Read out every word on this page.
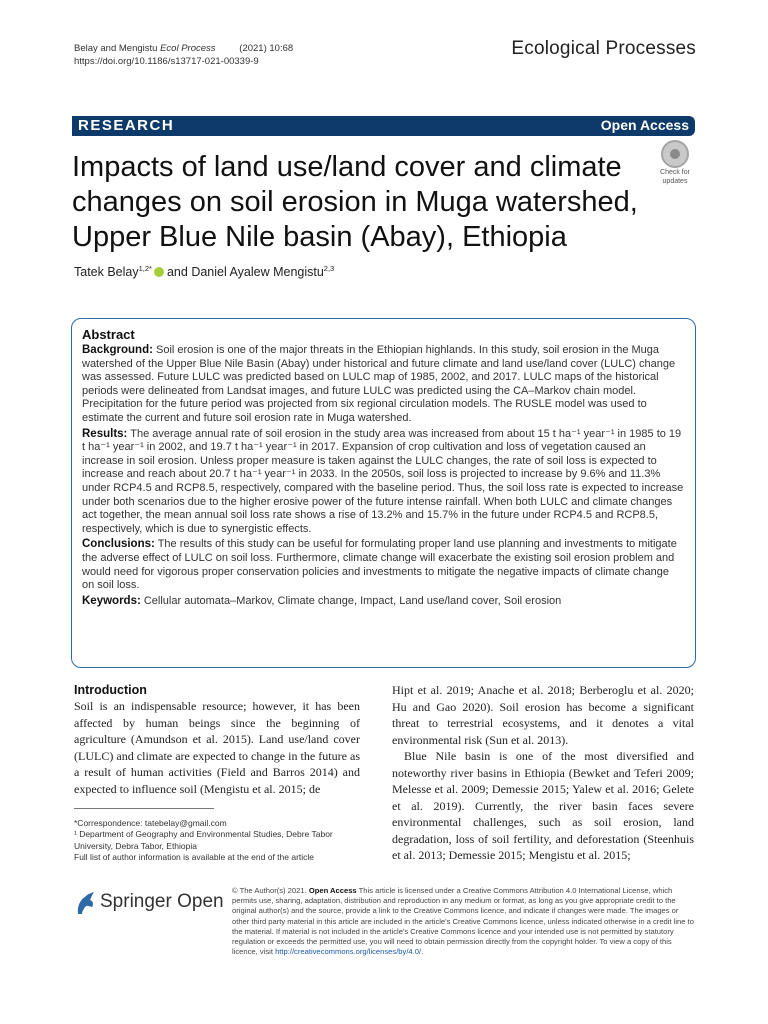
Belay and Mengistu Ecol Process	(2021) 10:68
https://doi.org/10.1186/s13717-021-00339-9
Ecological Processes
RESEARCH	Open Access
Impacts of land use/land cover and climate changes on soil erosion in Muga watershed, Upper Blue Nile basin (Abay), Ethiopia
Check for
updates
Tatek Belay$^{1,2*}$ and Daniel Ayalew Mengistu$^{2,3}$
Abstract

Background: Soil erosion is one of the major threats in the Ethiopian highlands. In this study, soil erosion in the Muga watershed of the Upper Blue Nile Basin (Abay) under historical and future climate and land use/land cover (LULC) change was assessed. Future LULC was predicted based on LULC map of 1985, 2002, and 2017. LULC maps of the historical periods were delineated from Landsat images, and future LULC was predicted using the CA–Markov chain model. Precipitation for the future period was projected from six regional circulation models. The RUSLE model was used to estimate the current and future soil erosion rate in Muga watershed.

Results: The average annual rate of soil erosion in the study area was increased from about 15 t ha⁻¹ year⁻¹ in 1985 to 19 t ha⁻¹ year⁻¹ in 2002, and 19.7 t ha⁻¹ year⁻¹ in 2017. Expansion of crop cultivation and loss of vegetation caused an increase in soil erosion. Unless proper measure is taken against the LULC changes, the rate of soil loss is expected to increase and reach about 20.7 t ha⁻¹ year⁻¹ in 2033. In the 2050s, soil loss is projected to increase by 9.6% and 11.3% under RCP4.5 and RCP8.5, respectively, compared with the baseline period. Thus, the soil loss rate is expected to increase under both scenarios due to the higher erosive power of the future intense rainfall. When both LULC and climate changes act together, the mean annual soil loss rate shows a rise of 13.2% and 15.7% in the future under RCP4.5 and RCP8.5, respectively, which is due to synergistic effects.

Conclusions: The results of this study can be useful for formulating proper land use planning and investments to mitigate the adverse effect of LULC on soil loss. Furthermore, climate change will exacerbate the existing soil erosion problem and would need for vigorous proper conservation policies and investments to mitigate the negative impacts of climate change on soil loss.

Keywords: Cellular automata–Markov, Climate change, Impact, Land use/land cover, Soil erosion

Introduction
Soil is an indispensable resource; however, it has been affected by human beings since the beginning of agriculture (Amundson et al. 2015). Land use/land cover (LULC) and climate are expected to change in the future as a result of human activities (Field and Barros 2014) and expected to influence soil (Mengistu et al. 2015; de
Hipt et al. 2019; Anache et al. 2018; Berberoglu et al. 2020; Hu and Gao 2020). Soil erosion has become a significant threat to terrestrial ecosystems, and it denotes a vital environmental risk (Sun et al. 2013).
Blue Nile basin is one of the most diversified and noteworthy river basins in Ethiopia (Bewket and Teferi 2009; Melesse et al. 2009; Demessie 2015; Yalew et al. 2016; Gelete et al. 2019). Currently, the river basin faces severe environmental challenges, such as soil erosion, land degradation, loss of soil fertility, and deforestation (Steenhuis et al. 2013; Demessie 2015; Mengistu et al. 2015;
*Correspondence: tatebelay@gmail.com
¹ Department of Geography and Environmental Studies, Debre Tabor University, Debra Tabor, Ethiopia
Full list of author information is available at the end of the article
Springer Open
© The Author(s) 2021. Open Access This article is licensed under a Creative Commons Attribution 4.0 International License, which permits use, sharing, adaptation, distribution and reproduction in any medium or format, as long as you give appropriate credit to the original author(s) and the source, provide a link to the Creative Commons licence, and indicate if changes were made. The images or other third party material in this article are included in the article's Creative Commons licence, unless indicated otherwise in a credit line to the material. If material is not included in the article's Creative Commons licence and your intended use is not permitted by statutory regulation or exceeds the permitted use, you will need to obtain permission directly from the copyright holder. To view a copy of this licence, visit http://creativecommons.org/licenses/by/4.0/.
